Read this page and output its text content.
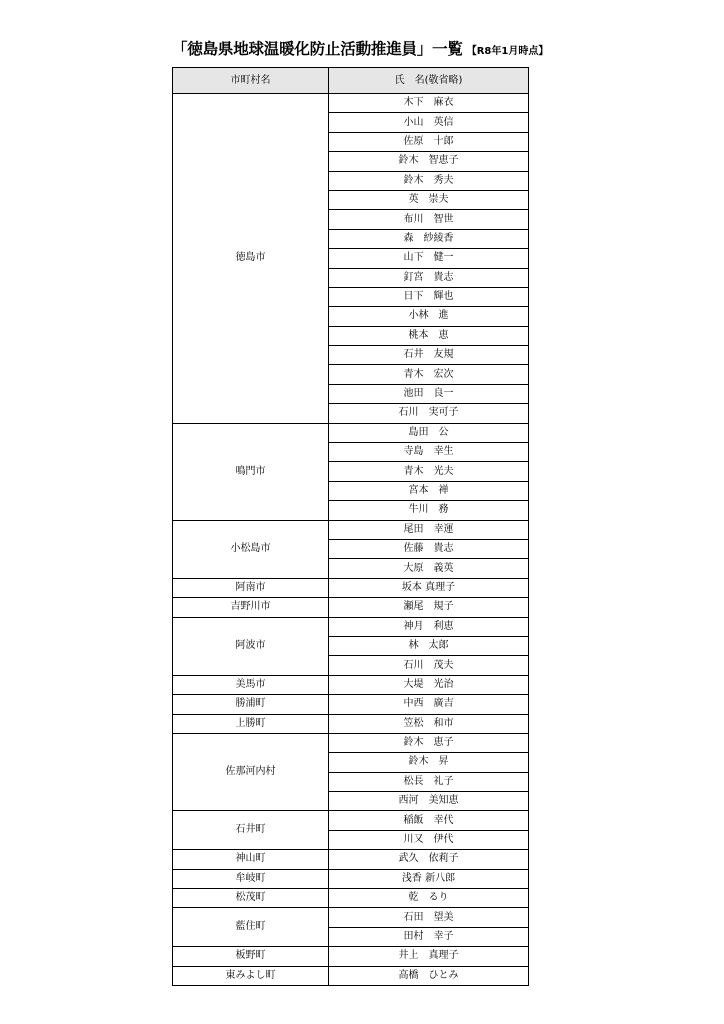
「徳島県地球温暖化防止活動推進員」一覧 【R8年1月時点】
市町村名	氏　名(敬省略)
徳島市	木下　麻衣
	小山　英信
	佐原　十郎
	鈴木　智恵子
	鈴木　秀夫
	英　崇夫
	布川　智世
	森　紗綾香
	山下　健一
	釘宮　貴志
	日下　輝也
	小林　進
	桃本　恵
	石井　友規
	青木　宏次
	池田　良一
	石川　実可子
鳴門市	島田　公
	寺島　幸生
	青木　光夫
	宮本　禅
	牛川　務
小松島市	尾田　幸運
	佐藤　貴志
	大原　義英
阿南市	坂本 真理子
吉野川市	瀬尾　規子
阿波市	神月　利恵
	林　太郎
	石川　茂夫
美馬市	大堤　光治
勝浦町	中西　廣吉
上勝町	笠松　和市
佐那河内村	鈴木　恵子
	鈴木　昇
	松長　礼子
	西河　美知恵
石井町	稲飯　幸代
	川又　伊代
神山町	武久　依莉子
牟岐町	浅香 新八郎
松茂町	乾　るり
藍住町	石田　望美
	田村　幸子
板野町	井上　真理子
東みよし町	高橋　ひとみ
